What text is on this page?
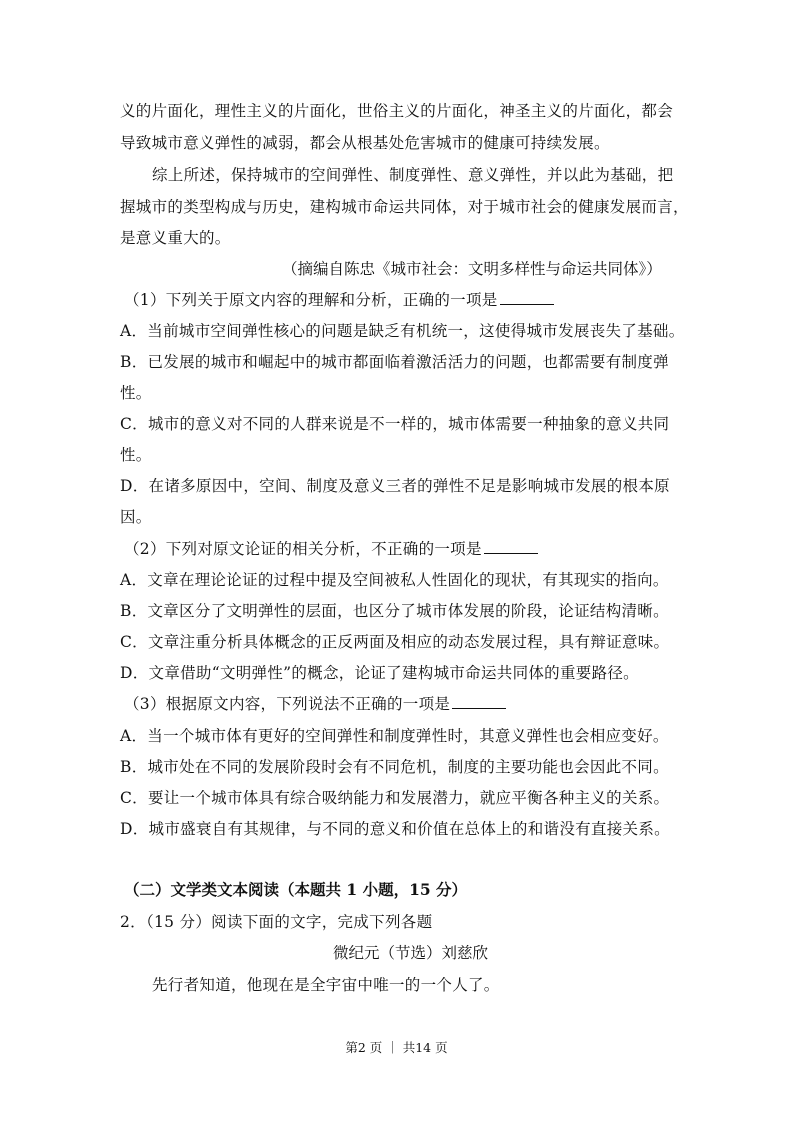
义的片面化，理性主义的片面化，世俗主义的片面化，神圣主义的片面化，都会
导致城市意义弹性的减弱，都会从根基处危害城市的健康可持续发展。
综上所述，保持城市的空间弹性、制度弹性、意义弹性，并以此为基础，把
握城市的类型构成与历史，建构城市命运共同体，对于城市社会的健康发展而言，
是意义重大的。
（摘编自陈忠《城市社会：文明多样性与命运共同体》）
（1）下列关于原文内容的理解和分析，正确的一项是
A．当前城市空间弹性核心的问题是缺乏有机统一，这使得城市发展丧失了基础。
B．已发展的城市和崛起中的城市都面临着激活活力的问题，也都需要有制度弹
性。
C．城市的意义对不同的人群来说是不一样的，城市体需要一种抽象的意义共同
性。
D．在诸多原因中，空间、制度及意义三者的弹性不足是影响城市发展的根本原
因。
（2）下列对原文论证的相关分析，不正确的一项是
A．文章在理论论证的过程中提及空间被私人性固化的现状，有其现实的指向。
B．文章区分了文明弹性的层面，也区分了城市体发展的阶段，论证结构清晰。
C．文章注重分析具体概念的正反两面及相应的动态发展过程，具有辩证意味。
D．文章借助“文明弹性”的概念，论证了建构城市命运共同体的重要路径。
（3）根据原文内容，下列说法不正确的一项是
A．当一个城市体有更好的空间弹性和制度弹性时，其意义弹性也会相应变好。
B．城市处在不同的发展阶段时会有不同危机，制度的主要功能也会因此不同。
C．要让一个城市体具有综合吸纳能力和发展潜力，就应平衡各种主义的关系。
D．城市盛衰自有其规律，与不同的意义和价值在总体上的和谐没有直接关系。
（二）文学类文本阅读（本题共 1 小题，15 分）
2．（15 分）阅读下面的文字，完成下列各题
微纪元（节选）刘慈欣
先行者知道，他现在是全宇宙中唯一的一个人了。
第2 页 ｜ 共14 页
